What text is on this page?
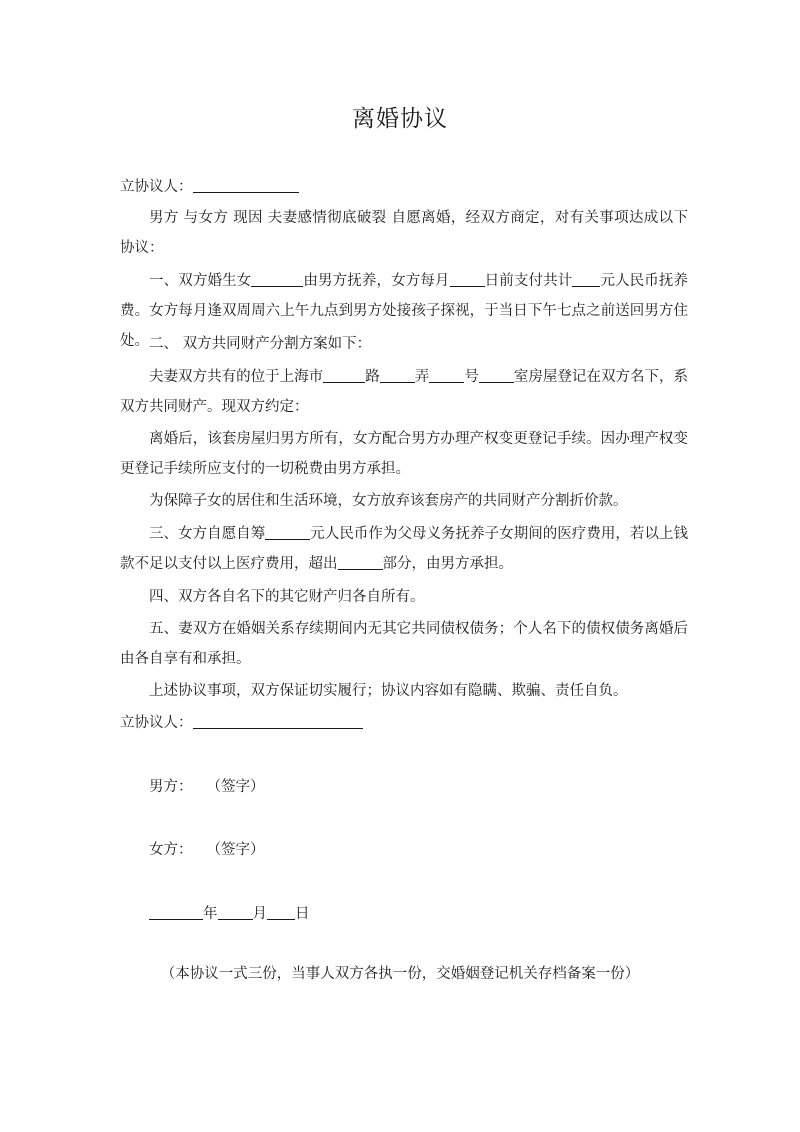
离婚协议
立协议人：
男方 与女方 现因 夫妻感情彻底破裂 自愿离婚，经双方商定，对有关事项达成以下协议：
一、双方婚生女	由男方抚养，女方每月 日前支付共计 元人民币抚养费。女方每月逢双周周六上午九点到男方处接孩子探视，于当日下午七点之前送回男方住处。 二、 双方共同财产分割方案如下：
夫妻双方共有的位于上海市	路 弄 号 室房屋登记在双方名下，系双方共同财产。现双方约定：
离婚后，该套房屋归男方所有，女方配合男方办理产权变更登记手续。因办理产权变更登记手续所应支付的一切税费由男方承担。
为保障子女的居住和生活环境，女方放弃该套房产的共同财产分割折价款。
三、女方自愿自筹	元人民币作为父母义务抚养子女期间的医疗费用，若以上钱款不足以支付以上医疗费用，超出	部分，由男方承担。
四、双方各自名下的其它财产归各自所有。
五、妻双方在婚姻关系存续期间内无其它共同债权债务；个人名下的债权债务离婚后由各自享有和承担。
上述协议事项，双方保证切实履行；协议内容如有隐瞒、欺骗、责任自负。
立协议人：
男方： （签字）
女方： （签字）
年 月 日
（本协议一式三份，当事人双方各执一份，交婚姻登记机关存档备案一份）
